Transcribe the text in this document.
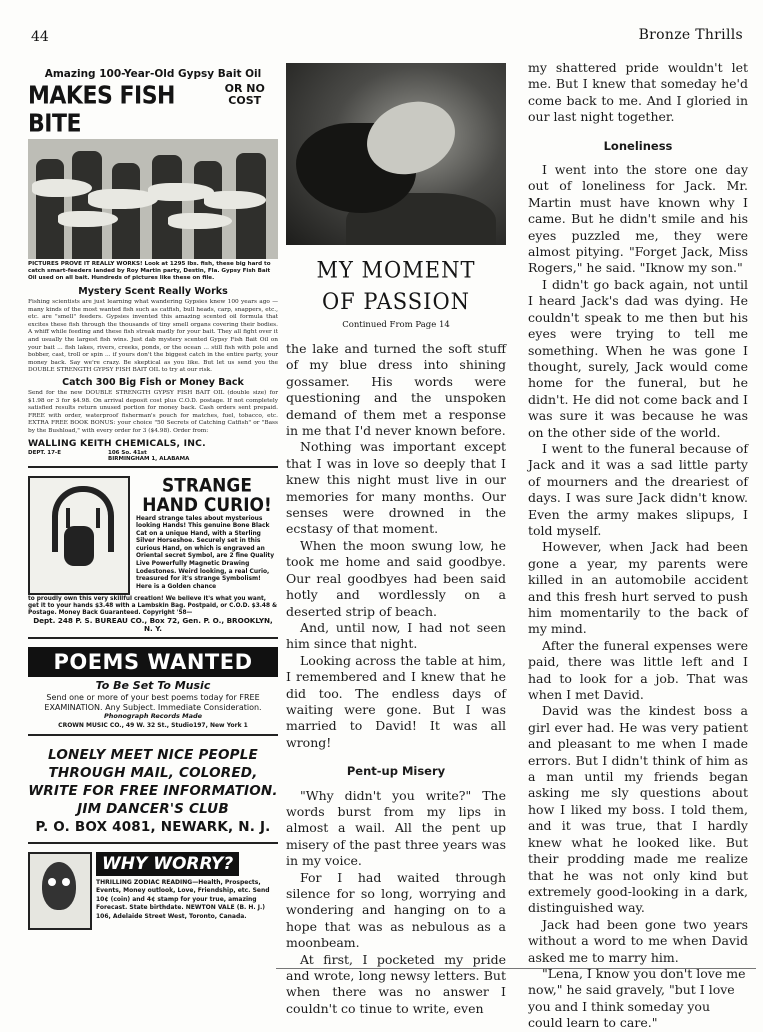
44	Bronze Thrills
Amazing 100-Year-Old Gypsy Bait Oil
MAKES FISH BITE
OR NO COST
PICTURES PROVE IT REALLY WORKS! Look at 1295 lbs. fish, these big hard to catch smart-feeders landed by Roy Martin party, Destin, Fla. Gypsy Fish Bait Oil used on all bait. Hundreds of pictures like these on file.
Mystery Scent Really Works

Fishing scientists are just learning what wandering Gypsies knew 100 years ago — many kinds of the most wanted fish such as catfish, bull heads, carp, snappers, etc., etc. are "smell" feeders. Gypsies invented this amazing scented oil formula that excites these fish through the thousands of tiny smell organs covering their bodies. A whiff while feeding and these fish streak madly for your bait. They all fight over it and usually the largest fish wins. Just dab mystery scented Gypsy Fish Bait Oil on your bait ... fish lakes, rivers, creeks, ponds, or the ocean ... still fish with pole and bobber, cast, troll or spin ... if yours don't the biggest catch in the entire party, your money back. Say we're crazy. Be skeptical as you like. But let us send you the DOUBLE STRENGTH GYPSY FISH BAIT OIL to try at our risk.

Catch 300 Big Fish or Money Back

Send for the new DOUBLE STRENGTH GYPSY FISH BAIT OIL (double size) for $1.98 or 3 for $4.98. On arrival deposit cost plus C.O.D. postage. If not completely satisfied results return unused portion for money back. Cash orders sent prepaid. FREE with order, waterproof fisherman's pouch for matches, fuel, tobacco, etc. EXTRA FREE BOOK BONUS: your choice "50 Secrets of Catching Catfish" or "Bass by the Bushload," with every order for 3 ($4.98). Order from:

WALLING KEITH CHEMICALS, INC.
DEPT. 17-E	106 So. 41st
BIRMINGHAM 1, ALABAMA
STRANGE HAND CURIO!
Heard strange tales about mysterious looking Hands! This genuine Bone Black Cat on a unique Hand, with a Sterling Silver Horseshoe. Securely set in this curious Hand, on which is engraved an Oriental secret Symbol, are 2 fine Quality Live Powerfully Magnetic Drawing Lodestones. Weird looking, a real Curio, treasured for it's strange Symbolism! Here is a Golden chance
to proudly own this very skillful creation! We believe it's what you want, get it to your hands $3.48 with a Lambskin Bag. Postpaid, or C.O.D. $3.48 & Postage. Money Back Guaranteed. Copyright '58—
Dept. 248 P. S. BUREAU CO., Box 72, Gen. P. O., BROOKLYN, N. Y.
POEMS WANTED
To Be Set To Music
Send one or more of your best poems today for FREE EXAMINATION. Any Subject. Immediate Consideration.
Phonograph Records Made
CROWN MUSIC CO., 49 W. 32 St., Studio197, New York 1
LONELY MEET NICE PEOPLE
THROUGH MAIL, COLORED,
WRITE FOR FREE INFORMATION.
JIM DANCER'S CLUB
P. O. BOX 4081, NEWARK, N. J.
WHY WORRY?
THRILLING ZODIAC READING—Health, Prospects, Events, Money outlook, Love, Friendship, etc. Send 10¢ (coin) and 4¢ stamp for your true, amazing Forecast. State birthdate. NEWTON VALE (B. H. J.) 106, Adelaide Street West, Toronto, Canada.
MY MOMENT
OF PASSION
Continued From Page 14

the lake and turned the soft stuff of my blue dress into shining gossamer. His words were questioning and the unspoken demand of them met a response in me that I'd never known before.

Nothing was important except that I was in love so deeply that I knew this night must live in our memories for many months. Our senses were drowned in the ecstasy of that moment.

When the moon swung low, he took me home and said goodbye. Our real goodbyes had been said hotly and wordlessly on a deserted strip of beach.

And, until now, I had not seen him since that night.

Looking across the table at him, I remembered and I knew that he did too. The endless days of waiting were gone. But I was married to David! It was all wrong!

Pent-up Misery

"Why didn't you write?" The words burst from my lips in almost a wail. All the pent up misery of the past three years was in my voice.

For I had waited through silence for so long, worrying and wondering and hanging on to a hope that was as nebulous as a moonbeam.

At first, I pocketed my pride and wrote, long newsy letters. But when there was no answer I couldn't co tinue to write, even

my shattered pride wouldn't let me. But I knew that someday he'd come back to me. And I gloried in our last night together.

Loneliness

I went into the store one day out of loneliness for Jack. Mr. Martin must have known why I came. But he didn't smile and his eyes puzzled me, they were almost pitying. "Forget Jack, Miss Rogers," he said. "Iknow my son."

I didn't go back again, not until I heard Jack's dad was dying. He couldn't speak to me then but his eyes were trying to tell me something. When he was gone I thought, surely, Jack would come home for the funeral, but he didn't. He did not come back and I was sure it was because he was on the other side of the world.

I went to the funeral because of Jack and it was a sad little party of mourners and the dreariest of days. I was sure Jack didn't know. Even the army makes slipups, I told myself.

However, when Jack had been gone a year, my parents were killed in an automobile accident and this fresh hurt served to push him momentarily to the back of my mind.

After the funeral expenses were paid, there was little left and I had to look for a job. That was when I met David.

David was the kindest boss a girl ever had. He was very patient and pleasant to me when I made errors. But I didn't think of him as a man until my friends began asking me sly questions about how I liked my boss. I told them, and it was true, that I hardly knew what he looked like. But their prodding made me realize that he was not only kind but extremely good-looking in a dark, distinguished way.

Jack had been gone two years without a word to me when David asked me to marry him.

"Lena, I know you don't love me now," he said gravely, "but I love you and I think someday you could learn to care."
